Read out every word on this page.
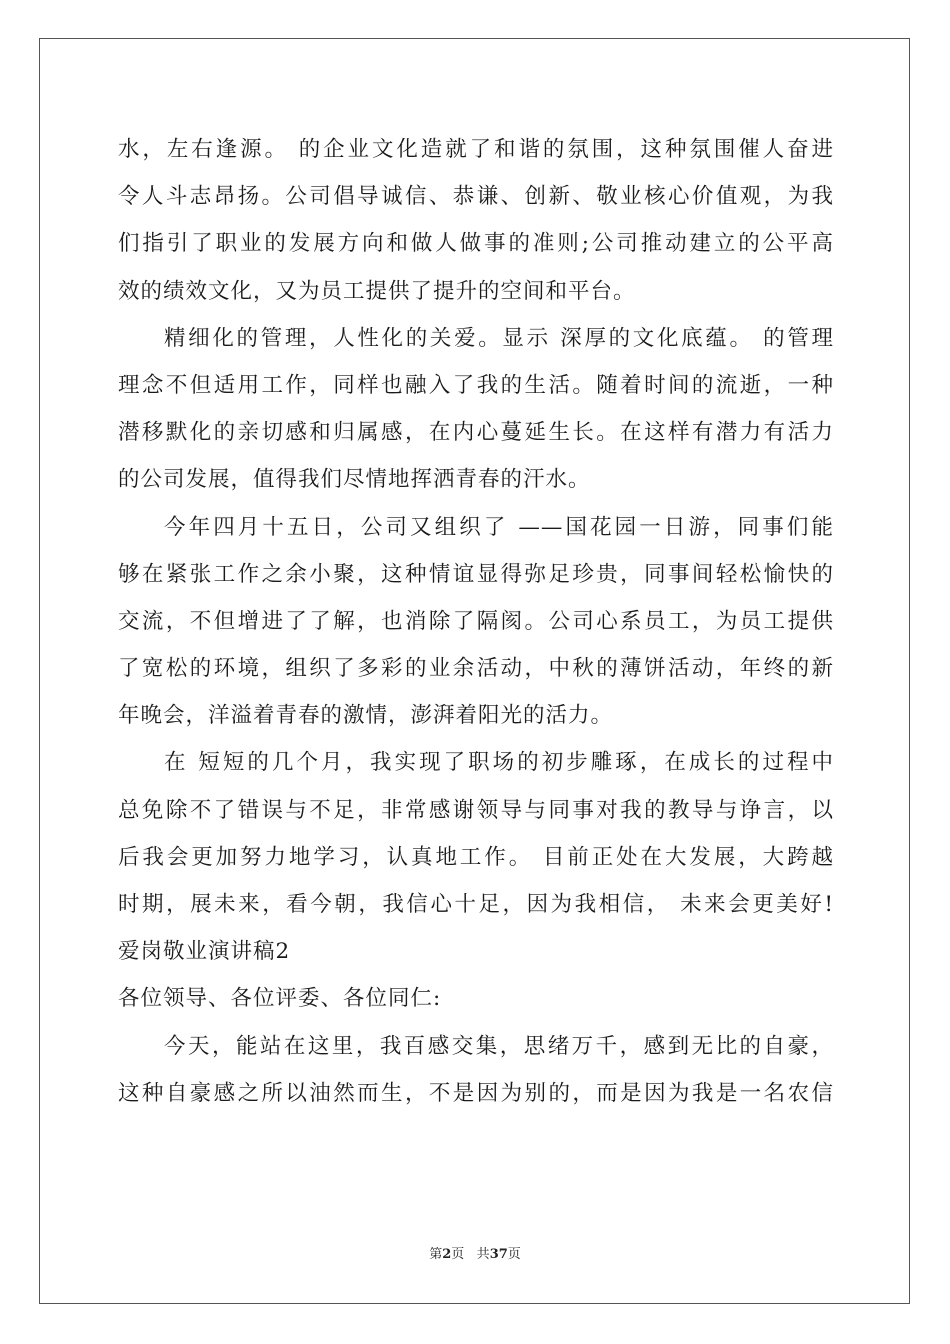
水，左右逢源。 的企业文化造就了和谐的氛围，这种氛围催人奋进
令人斗志昂扬。公司倡导诚信、恭谦、创新、敬业核心价值观，为我
们指引了职业的发展方向和做人做事的准则;公司推动建立的公平高
效的绩效文化，又为员工提供了提升的空间和平台。
精细化的管理，人性化的关爱。显示 深厚的文化底蕴。 的管理
理念不但适用工作，同样也融入了我的生活。随着时间的流逝，一种
潜移默化的亲切感和归属感，在内心蔓延生长。在这样有潜力有活力
的公司发展，值得我们尽情地挥洒青春的汗水。
今年四月十五日，公司又组织了 ——国花园一日游，同事们能
够在紧张工作之余小聚，这种情谊显得弥足珍贵，同事间轻松愉快的
交流，不但增进了了解，也消除了隔阂。公司心系员工，为员工提供
了宽松的环境，组织了多彩的业余活动，中秋的薄饼活动，年终的新
年晚会，洋溢着青春的激情，澎湃着阳光的活力。
在 短短的几个月，我实现了职场的初步雕琢，在成长的过程中
总免除不了错误与不足，非常感谢领导与同事对我的教导与诤言，以
后我会更加努力地学习，认真地工作。 目前正处在大发展，大跨越
时期，展未来，看今朝，我信心十足，因为我相信， 未来会更美好!
爱岗敬业演讲稿2
各位领导、各位评委、各位同仁:
今天，能站在这里，我百感交集，思绪万千，感到无比的自豪，
这种自豪感之所以油然而生，不是因为别的，而是因为我是一名农信
第2页 共37页
